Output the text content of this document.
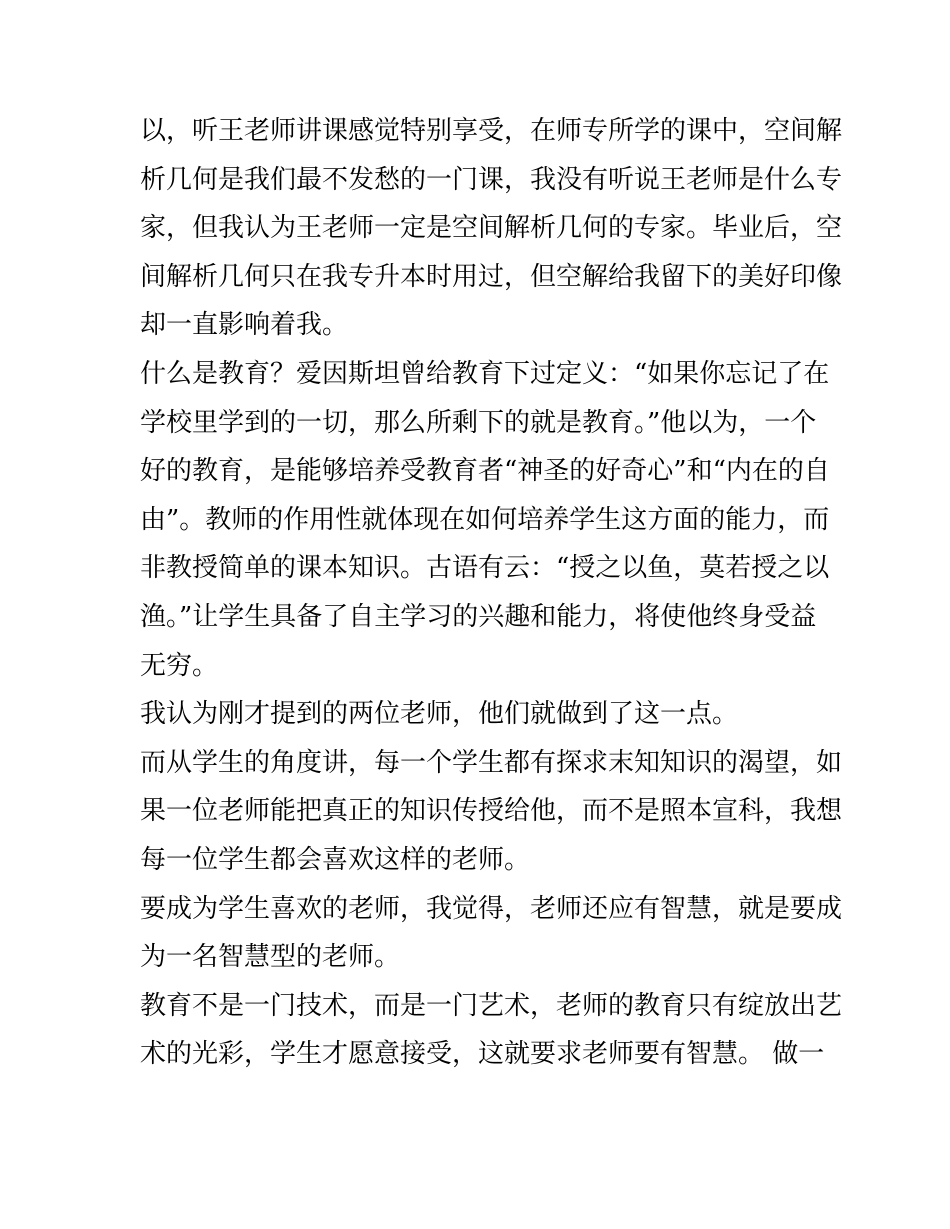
以，听王老师讲课感觉特别享受，在师专所学的课中，空间解
析几何是我们最不发愁的一门课，我没有听说王老师是什么专
家，但我认为王老师一定是空间解析几何的专家。毕业后，空
间解析几何只在我专升本时用过，但空解给我留下的美好印像
却一直影响着我。
什么是教育？爱因斯坦曾给教育下过定义：“如果你忘记了在
学校里学到的一切，那么所剩下的就是教育。”他以为，一个
好的教育，是能够培养受教育者“神圣的好奇心”和“内在的自
由”。教师的作用性就体现在如何培养学生这方面的能力，而
非教授简单的课本知识。古语有云：“授之以鱼，莫若授之以
渔。”让学生具备了自主学习的兴趣和能力，将使他终身受益
无穷。
我认为刚才提到的两位老师，他们就做到了这一点。
而从学生的角度讲，每一个学生都有探求末知知识的渴望，如
果一位老师能把真正的知识传授给他，而不是照本宣科，我想
每一位学生都会喜欢这样的老师。
要成为学生喜欢的老师，我觉得，老师还应有智慧，就是要成
为一名智慧型的老师。
教育不是一门技术，而是一门艺术，老师的教育只有绽放出艺
术的光彩，学生才愿意接受，这就要求老师要有智慧。 做一
